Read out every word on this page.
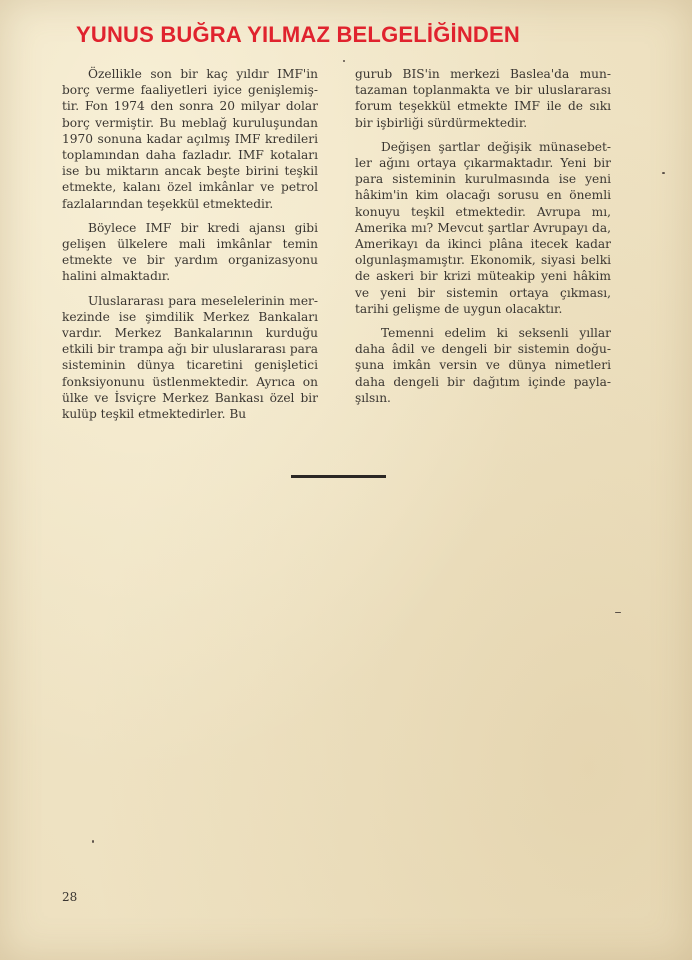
YUNUS BUĞRA YILMAZ BELGELİĞİNDEN

Özellikle son bir kaç yıldır IMF'in borç verme faaliyetleri iyice genişlemiştir. Fon 1974 den sonra 20 milyar dolar borç vermiştir. Bu meblağ kuruluşundan 1970 sonuna kadar açılmış IMF kredileri toplamından daha fazladır. IMF kotaları ise bu miktarın ancak beşte birini teşkil etmekte, kalanı özel imkânlar ve petrol fazlalarından teşekkül etmektedir.

Böylece IMF bir kredi ajansı gibi gelişen ülkelere mali imkânlar temin etmekte ve bir yardım organizasyonu halini almaktadır.

Uluslararası para meselelerinin merkezinde ise şimdilik Merkez Bankaları vardır. Merkez Bankalarının kurduğu etkili bir trampa ağı bir uluslararası para sisteminin dünya ticaretini genişletici fonksiyonunu üstlenmektedir. Ayrıca on ülke ve İsviçre Merkez Bankası özel bir kulüp teşkil etmektedirler. Bu

gurub BIS'in merkezi Baslea'da muntazaman toplanmakta ve bir uluslararası forum teşekkül etmekte IMF ile de sıkı bir işbirliği sürdürmektedir.

Değişen şartlar değişik münasebetler ağını ortaya çıkarmaktadır. Yeni bir para sisteminin kurulmasında ise yeni hâkim'in kim olacağı sorusu en önemli konuyu teşkil etmektedir. Avrupa mı, Amerika mı? Mevcut şartlar Avrupayı da, Amerikayı da ikinci plâna itecek kadar olgunlaşmamıştır. Ekonomik, siyasi belki de askeri bir krizi müteakip yeni hâkim ve yeni bir sistemin ortaya çıkması, tarihi gelişme de uygun olacaktır.

Temenni edelim ki seksenli yıllar daha âdil ve dengeli bir sistemin doğuşuna imkân versin ve dünya nimetleri daha dengeli bir dağıtım içinde paylaşılsın.

28
